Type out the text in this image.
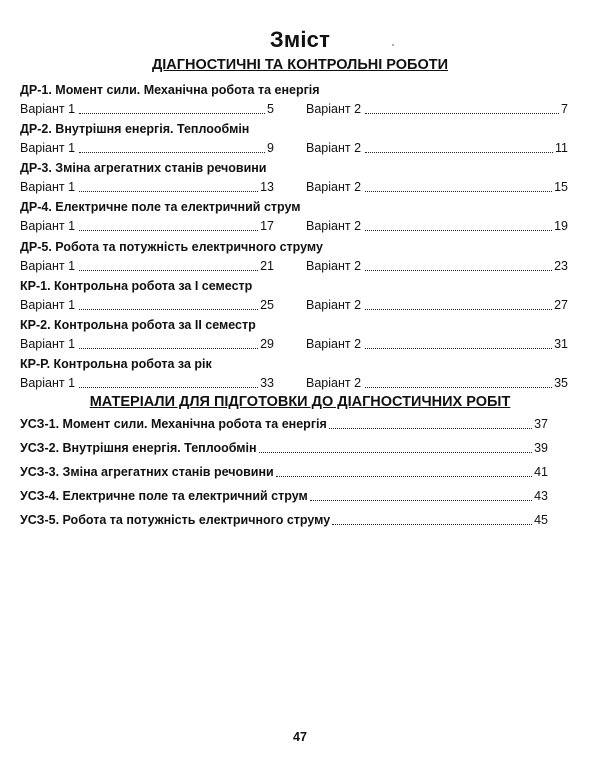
Зміст
ДІАГНОСТИЧНІ ТА КОНТРОЛЬНІ РОБОТИ
ДР-1. Момент сили. Механічна робота та енергія
Варіант 1	5	Варіант 2	7
ДР-2. Внутрішня енергія. Теплообмін
Варіант 1	9	Варіант 2	11
ДР-3. Зміна агрегатних станів речовини
Варіант 1	13	Варіант 2	15
ДР-4. Електричне поле та електричний струм
Варіант 1	17	Варіант 2	19
ДР-5. Робота та потужність електричного струму
Варіант 1	21	Варіант 2	23
КР-1. Контрольна робота за І семестр
Варіант 1	25	Варіант 2	27
КР-2. Контрольна робота за ІІ семестр
Варіант 1	29	Варіант 2	31
КР-Р. Контрольна робота за рік
Варіант 1	33	Варіант 2	35
МАТЕРІАЛИ ДЛЯ ПІДГОТОВКИ ДО ДІАГНОСТИЧНИХ РОБІТ
УСЗ-1. Момент сили. Механічна робота та енергія	37
УСЗ-2. Внутрішня енергія. Теплообмін	39
УСЗ-3. Зміна агрегатних станів речовини	41
УСЗ-4. Електричне поле та електричний струм	43
УСЗ-5. Робота та потужність електричного струму	45
47
